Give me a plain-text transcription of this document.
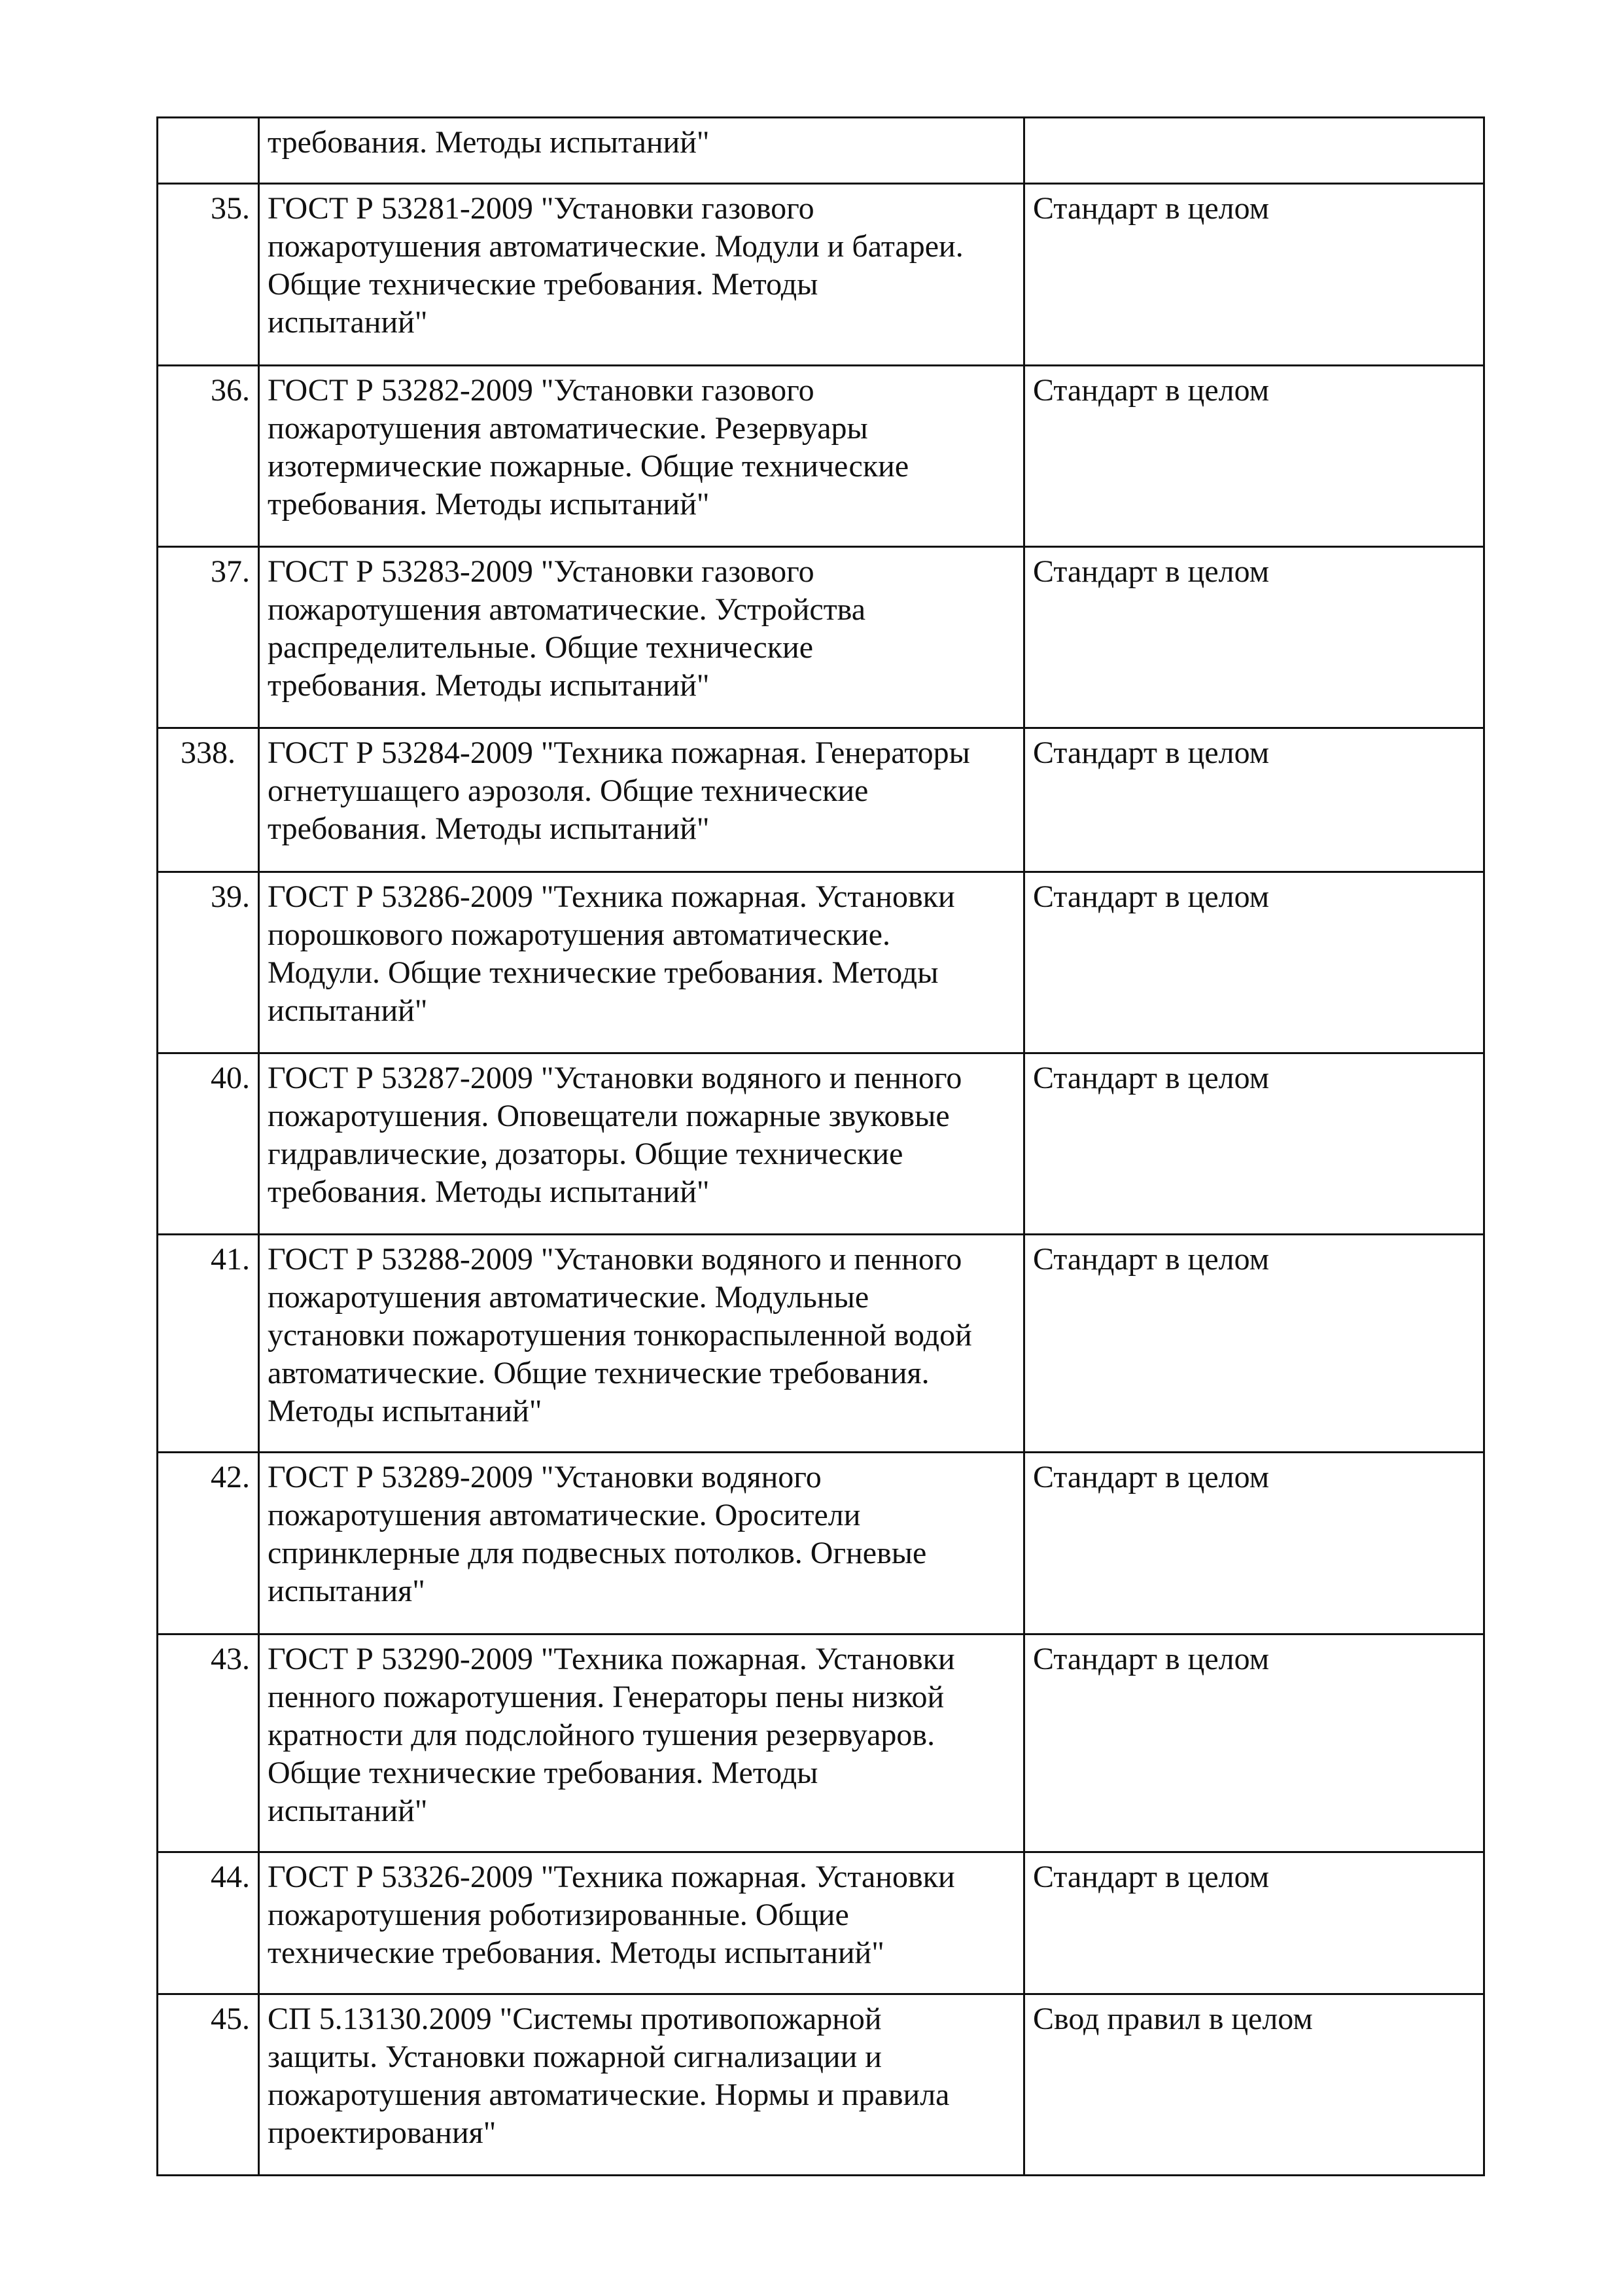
	требования. Методы испытаний"	

35.	ГОСТ Р 53281-2009 "Установки газового
пожаротушения автоматические. Модули и батареи.
Общие технические требования. Методы
испытаний"	Стандарт в целом
36.	ГОСТ Р 53282-2009 "Установки газового
пожаротушения автоматические. Резервуары
изотермические пожарные. Общие технические
требования. Методы испытаний"	Стандарт в целом
37.	ГОСТ Р 53283-2009 "Установки газового
пожаротушения автоматические. Устройства
распределительные. Общие технические
требования. Методы испытаний"	Стандарт в целом
338.	ГОСТ Р 53284-2009 "Техника пожарная. Генераторы
огнетушащего аэрозоля. Общие технические
требования. Методы испытаний"	Стандарт в целом
39.	ГОСТ Р 53286-2009 "Техника пожарная. Установки
порошкового пожаротушения автоматические.
Модули. Общие технические требования. Методы
испытаний"	Стандарт в целом
40.	ГОСТ Р 53287-2009 "Установки водяного и пенного
пожаротушения. Оповещатели пожарные звуковые
гидравлические, дозаторы. Общие технические
требования. Методы испытаний"	Стандарт в целом
41.	ГОСТ Р 53288-2009 "Установки водяного и пенного
пожаротушения автоматические. Модульные
установки пожаротушения тонкораспыленной водой
автоматические. Общие технические требования.
Методы испытаний"	Стандарт в целом
42.	ГОСТ Р 53289-2009 "Установки водяного
пожаротушения автоматические. Оросители
спринклерные для подвесных потолков. Огневые
испытания"	Стандарт в целом
43.	ГОСТ Р 53290-2009 "Техника пожарная. Установки
пенного пожаротушения. Генераторы пены низкой
кратности для подслойного тушения резервуаров.
Общие технические требования. Методы
испытаний"	Стандарт в целом
44.	ГОСТ Р 53326-2009 "Техника пожарная. Установки
пожаротушения роботизированные. Общие
технические требования. Методы испытаний"	Стандарт в целом
45.	СП 5.13130.2009 "Системы противопожарной
защиты. Установки пожарной сигнализации и
пожаротушения автоматические. Нормы и правила
проектирования"	Свод правил в целом
